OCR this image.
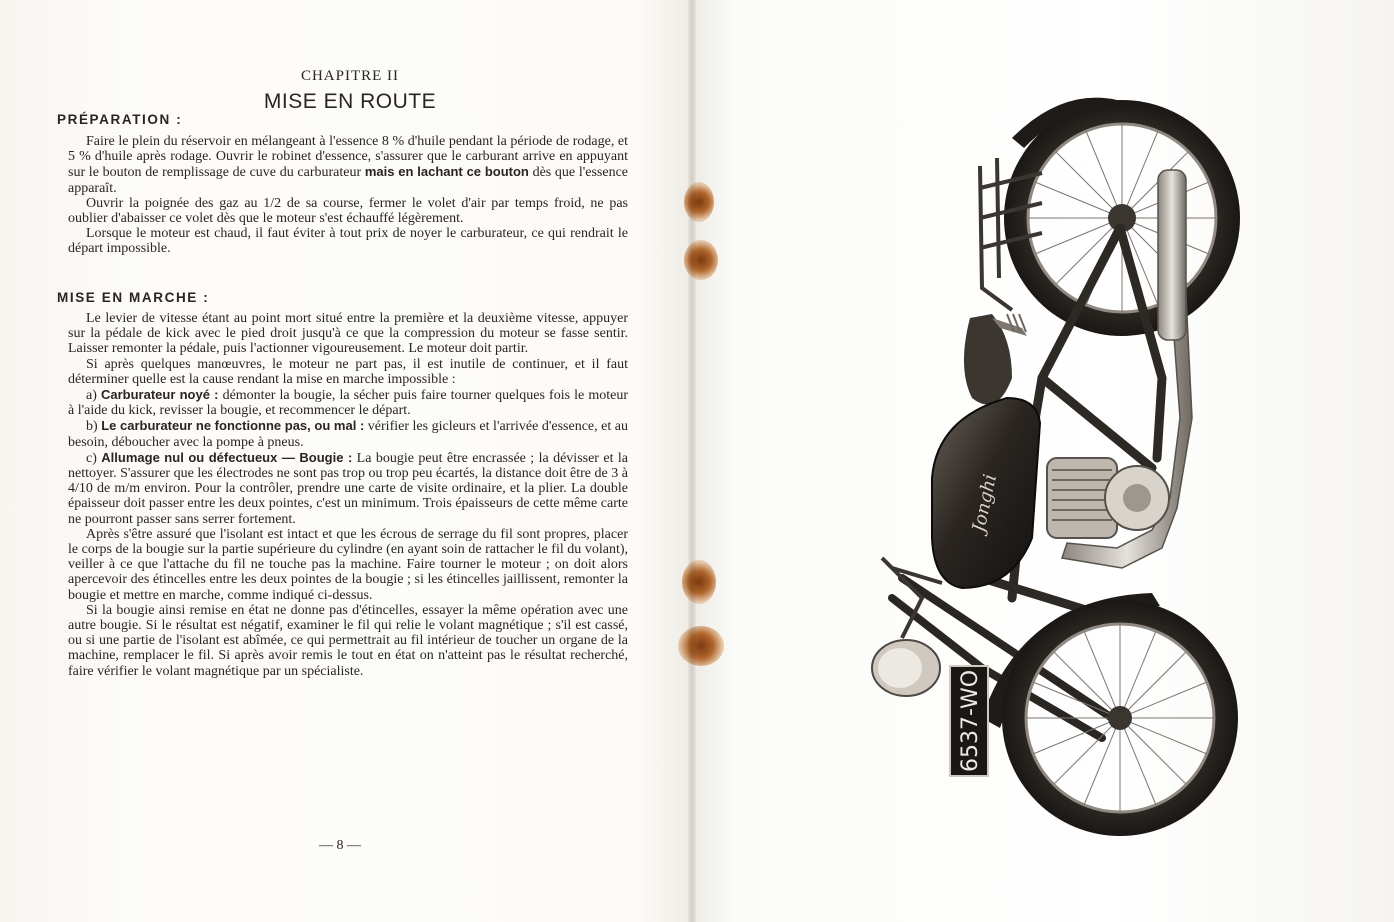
CHAPITRE II
MISE EN ROUTE
PRÉPARATION :

Faire le plein du réservoir en mélangeant à l'essence 8 % d'huile pendant la période de rodage, et 5 % d'huile après rodage. Ouvrir le robinet d'essence, s'assurer que le carburant arrive en appuyant sur le bouton de remplissage de cuve du carburateur mais en lachant ce bouton dès que l'essence apparaît.

Ouvrir la poignée des gaz au 1/2 de sa course, fermer le volet d'air par temps froid, ne pas oublier d'abaisser ce volet dès que le moteur s'est échauffé légèrement.

Lorsque le moteur est chaud, il faut éviter à tout prix de noyer le carburateur, ce qui rendrait le départ impossible.

MISE EN MARCHE :

Le levier de vitesse étant au point mort situé entre la première et la deuxième vitesse, appuyer sur la pédale de kick avec le pied droit jusqu'à ce que la compression du moteur se fasse sentir. Laisser remonter la pédale, puis l'actionner vigoureusement. Le moteur doit partir.

Si après quelques manœuvres, le moteur ne part pas, il est inutile de continuer, et il faut déterminer quelle est la cause rendant la mise en marche impossible :

a) Carburateur noyé : démonter la bougie, la sécher puis faire tourner quelques fois le moteur à l'aide du kick, revisser la bougie, et recommencer le départ.

b) Le carburateur ne fonctionne pas, ou mal : vérifier les gicleurs et l'arrivée d'essence, et au besoin, déboucher avec la pompe à pneus.

c) Allumage nul ou défectueux — Bougie : La bougie peut être encrassée ; la dévisser et la nettoyer. S'assurer que les électrodes ne sont pas trop ou trop peu écartés, la distance doit être de 3 à 4/10 de m/m environ. Pour la contrôler, prendre une carte de visite ordinaire, et la plier. La double épaisseur doit passer entre les deux pointes, c'est un minimum. Trois épaisseurs de cette même carte ne pourront passer sans serrer fortement.

Après s'être assuré que l'isolant est intact et que les écrous de serrage du fil sont propres, placer le corps de la bougie sur la partie supérieure du cylindre (en ayant soin de rattacher le fil du volant), veiller à ce que l'attache du fil ne touche pas la machine. Faire tourner le moteur ; on doit alors apercevoir des étincelles entre les deux pointes de la bougie ; si les étincelles jaillissent, remonter la bougie et mettre en marche, comme indiqué ci-dessus.

Si la bougie ainsi remise en état ne donne pas d'étincelles, essayer la même opération avec une autre bougie. Si le résultat est négatif, examiner le fil qui relie le volant magnétique ; s'il est cassé, ou si une partie de l'isolant est abîmée, ce qui permettrait au fil intérieur de toucher un organe de la machine, remplacer le fil. Si après avoir remis le tout en état on n'atteint pas le résultat recherché, faire vérifier le volant magnétique par un spécialiste.

— 8 —
Jonghi
6537-WO
